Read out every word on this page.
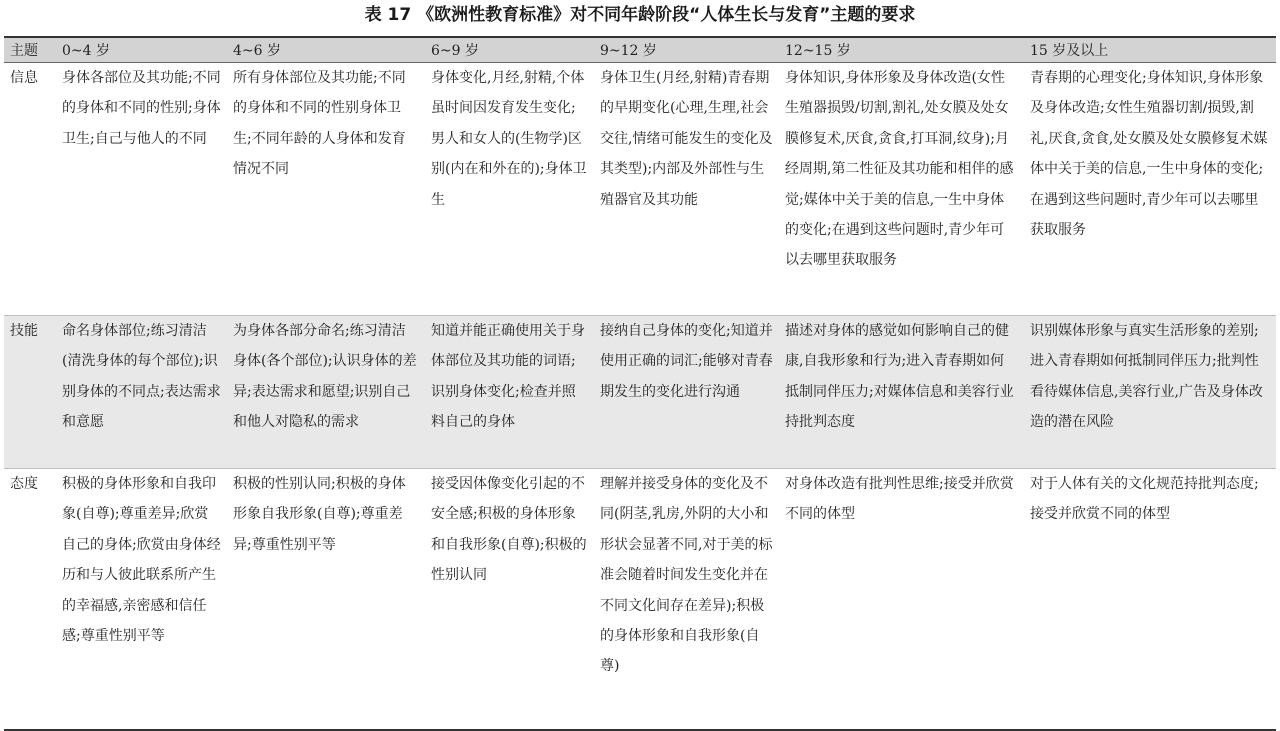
表 17 《欧洲性教育标准》对不同年龄阶段“人体生长与发育”主题的要求
主题	0~4 岁	4~6 岁	6~9 岁	9~12 岁	12~15 岁	15 岁及以上
信息	身体各部位及其功能;不同的身体和不同的性别;身体卫生;自己与他人的不同	所有身体部位及其功能;不同的身体和不同的性别身体卫生;不同年龄的人身体和发育情况不同	身体变化,月经,射精,个体虽时间因发育发生变化;男人和女人的(生物学)区别(内在和外在的);身体卫生	身体卫生(月经,射精)青春期的早期变化(心理,生理,社会交往,情绪可能发生的变化及其类型);内部及外部性与生殖器官及其功能	身体知识,身体形象及身体改造(女性生殖器损毁/切割,割礼,处女膜及处女膜修复术,厌食,贪食,打耳洞,纹身);月经周期,第二性征及其功能和相伴的感觉;媒体中关于美的信息,一生中身体的变化;在遇到这些问题时,青少年可以去哪里获取服务	青春期的心理变化;身体知识,身体形象及身体改造;女性生殖器切割/损毁,割礼,厌食,贪食,处女膜及处女膜修复术媒体中关于美的信息,一生中身体的变化;在遇到这些问题时,青少年可以去哪里获取服务
技能	命名身体部位;练习清洁(清洗身体的每个部位);识别身体的不同点;表达需求和意愿	为身体各部分命名;练习清洁身体(各个部位);认识身体的差异;表达需求和愿望;识别自己和他人对隐私的需求	知道并能正确使用关于身体部位及其功能的词语;识别身体变化;检查并照料自己的身体	接纳自己身体的变化;知道并使用正确的词汇;能够对青春期发生的变化进行沟通	描述对身体的感觉如何影响自己的健康,自我形象和行为;进入青春期如何抵制同伴压力;对媒体信息和美容行业持批判态度	识别媒体形象与真实生活形象的差别;进入青春期如何抵制同伴压力;批判性看待媒体信息,美容行业,广告及身体改造的潜在风险
态度	积极的身体形象和自我印象(自尊);尊重差异;欣赏自己的身体;欣赏由身体经历和与人彼此联系所产生的幸福感,亲密感和信任感;尊重性别平等	积极的性别认同;积极的身体形象自我形象(自尊);尊重差异;尊重性别平等	接受因体像变化引起的不安全感;积极的身体形象和自我形象(自尊);积极的性别认同	理解并接受身体的变化及不同(阴茎,乳房,外阴的大小和形状会显著不同,对于美的标准会随着时间发生变化并在不同文化间存在差异);积极的身体形象和自我形象(自尊)	对身体改造有批判性思维;接受并欣赏不同的体型	对于人体有关的文化规范持批判态度;接受并欣赏不同的体型
